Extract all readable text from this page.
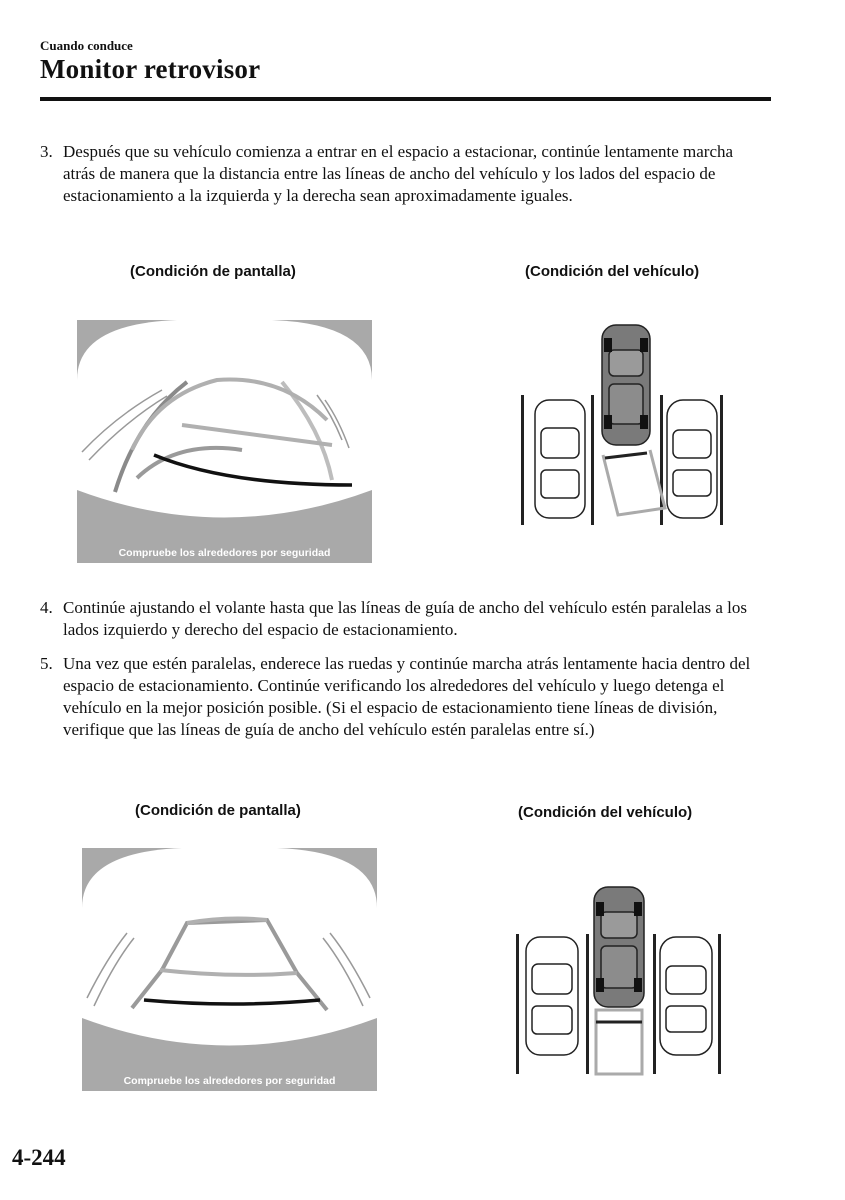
Cuando conduce
Monitor retrovisor
3. Después que su vehículo comienza a entrar en el espacio a estacionar, continúe lentamente marcha atrás de manera que la distancia entre las líneas de ancho del vehículo y los lados del espacio de estacionamiento a la izquierda y la derecha sean aproximadamente iguales.
(Condición de pantalla)	(Condición del vehículo)
Compruebe los alrededores por seguridad
4. Continúe ajustando el volante hasta que las líneas de guía de ancho del vehículo estén paralelas a los lados izquierdo y derecho del espacio de estacionamiento.
5. Una vez que estén paralelas, enderece las ruedas y continúe marcha atrás lentamente hacia dentro del espacio de estacionamiento. Continúe verificando los alrededores del vehículo y luego detenga el vehículo en la mejor posición posible. (Si el espacio de estacionamiento tiene líneas de división, verifique que las líneas de guía de ancho del vehículo estén paralelas entre sí.)
(Condición de pantalla)	(Condición del vehículo)
Compruebe los alrededores por seguridad
4-244
